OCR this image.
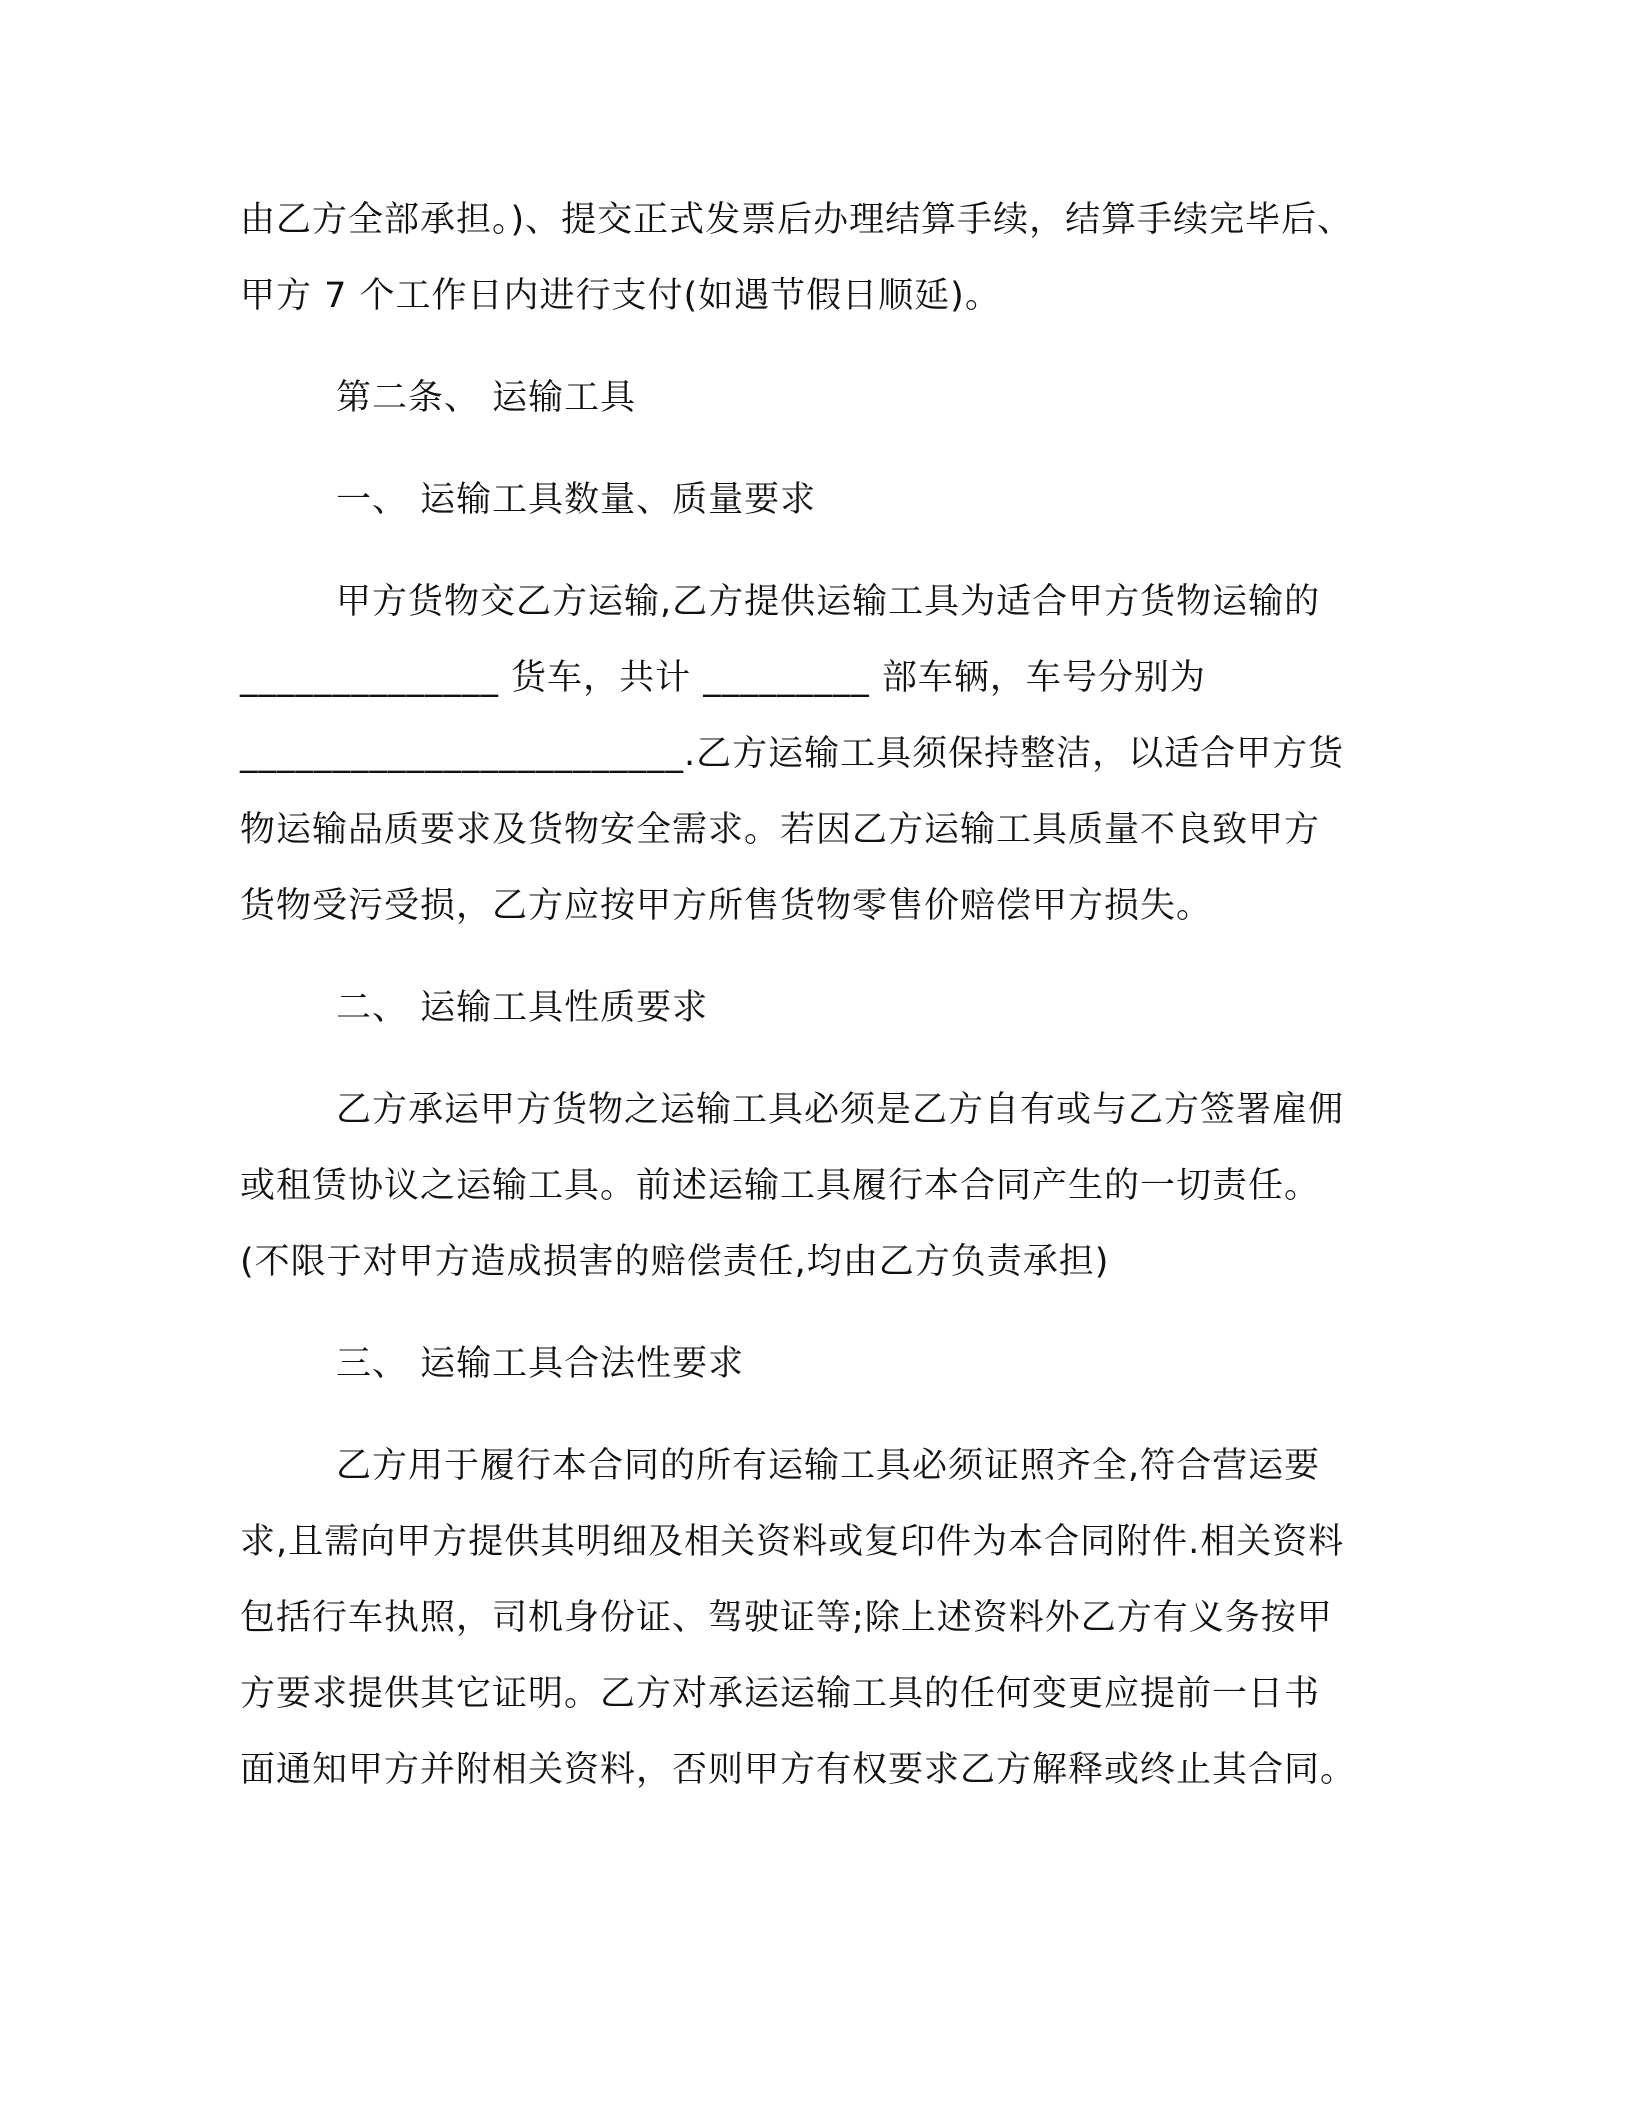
由乙方全部承担。)、提交正式发票后办理结算手续，结算手续完毕后、
甲方 7 个工作日内进行支付(如遇节假日顺延)。
第二条、 运输工具
一、 运输工具数量、质量要求
甲方货物交乙方运输,乙方提供运输工具为适合甲方货物运输的
______________ 货车，共计 _________ 部车辆，车号分别为
________________________.乙方运输工具须保持整洁，以适合甲方货
物运输品质要求及货物安全需求。若因乙方运输工具质量不良致甲方
货物受污受损，乙方应按甲方所售货物零售价赔偿甲方损失。
二、 运输工具性质要求
乙方承运甲方货物之运输工具必须是乙方自有或与乙方签署雇佣
或租赁协议之运输工具。前述运输工具履行本合同产生的一切责任。
(不限于对甲方造成损害的赔偿责任,均由乙方负责承担)
三、 运输工具合法性要求
乙方用于履行本合同的所有运输工具必须证照齐全,符合营运要
求,且需向甲方提供其明细及相关资料或复印件为本合同附件.相关资料
包括行车执照，司机身份证、驾驶证等;除上述资料外乙方有义务按甲
方要求提供其它证明。乙方对承运运输工具的任何变更应提前一日书
面通知甲方并附相关资料，否则甲方有权要求乙方解释或终止其合同。
